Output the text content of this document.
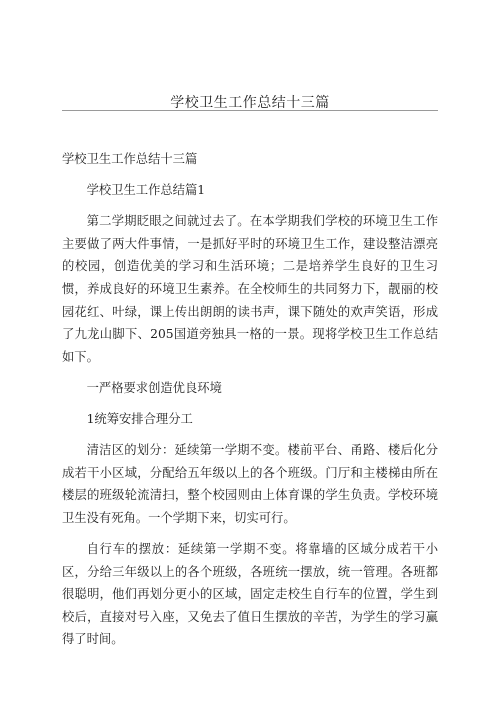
学校卫生工作总结十三篇

学校卫生工作总结十三篇

学校卫生工作总结篇1

第二学期眨眼之间就过去了。在本学期我们学校的环境卫生工作主要做了两大件事情，一是抓好平时的环境卫生工作，建设整洁漂亮的校园，创造优美的学习和生活环境；二是培养学生良好的卫生习惯，养成良好的环境卫生素养。在全校师生的共同努力下，靓丽的校园花红、叶绿，课上传出朗朗的读书声，课下随处的欢声笑语，形成了九龙山脚下、205国道旁独具一格的一景。现将学校卫生工作总结如下。

一严格要求创造优良环境

1统筹安排合理分工

清洁区的划分：延续第一学期不变。楼前平台、甬路、楼后化分成若干小区域，分配给五年级以上的各个班级。门厅和主楼梯由所在楼层的班级轮流清扫，整个校园则由上体育课的学生负责。学校环境卫生没有死角。一个学期下来，切实可行。

自行车的摆放：延续第一学期不变。将靠墙的区域分成若干小区，分给三年级以上的各个班级，各班统一摆放，统一管理。各班都很聪明，他们再划分更小的区域，固定走校生自行车的位置，学生到校后，直接对号入座，又免去了值日生摆放的辛苦，为学生的学习赢得了时间。
